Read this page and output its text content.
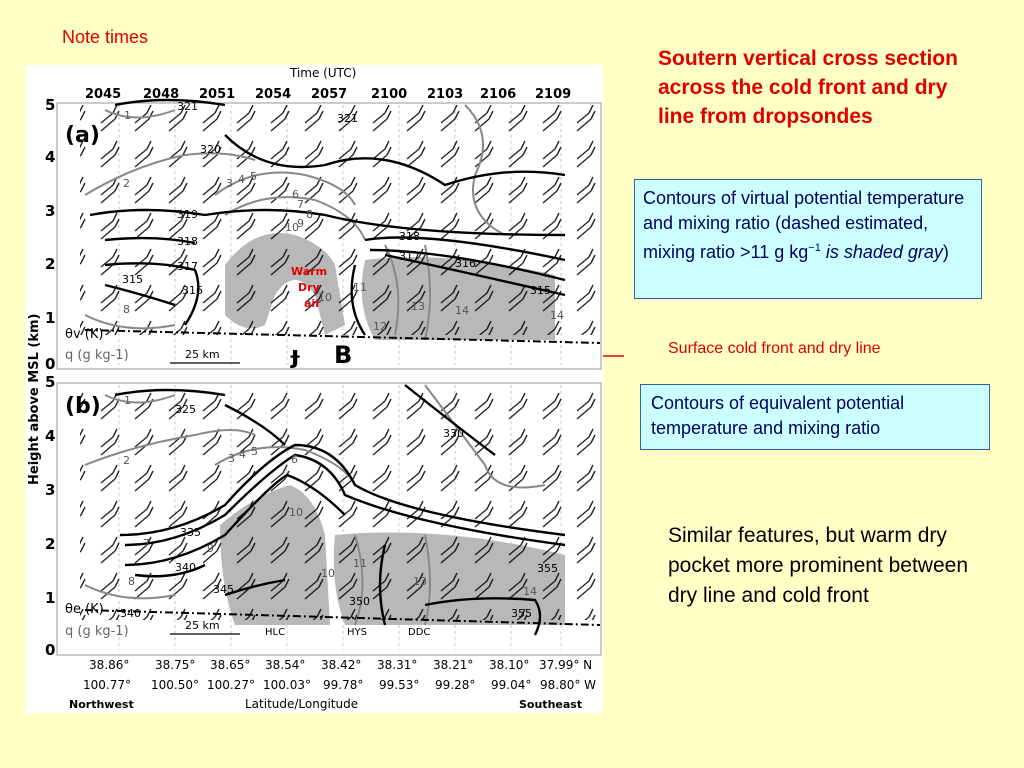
Note times
Soutern vertical cross section across the cold front and dry line from dropsondes
Contours of virtual potential temperature and mixing ratio (dashed estimated, mixing ratio >11 g $kg^{-1}$ is shaded gray)
Surface cold front and dry line
Contours of equivalent potential temperature and mixing ratio
Similar features, but warm dry pocket more prominent between dry line and cold front
Time (UTC)
2045 2048 2051 2054 2057 2100 2103 2106 2109
Height above MSL (km)
5
4
3
2
1
0
321
320
319
318
317
316
315
321
318
317
316
315
1
2	3 4 5
6
7
8
9
10
8
10
11
12
13	14	14
(a)
Warm
Dry
air
θv (K)
q (g kg-1)	25 km	ɟ B
5
4
3
2
1
0
325
335
340
345
340
330
350
355
355
1
2	3 4 5
6
7
8
9
10
10
11
13
14
(b)
θe (K)
q (g kg-1)	25 km
HLC	HYS	DDC
38.86° 38.75° 38.65° 38.54° 38.42° 38.31° 38.21° 38.10° 37.99° N
100.77° 100.50° 100.27° 100.03° 99.78° 99.53° 99.28° 99.04° 98.80° W
Northwest	Latitude/Longitude	Southeast
